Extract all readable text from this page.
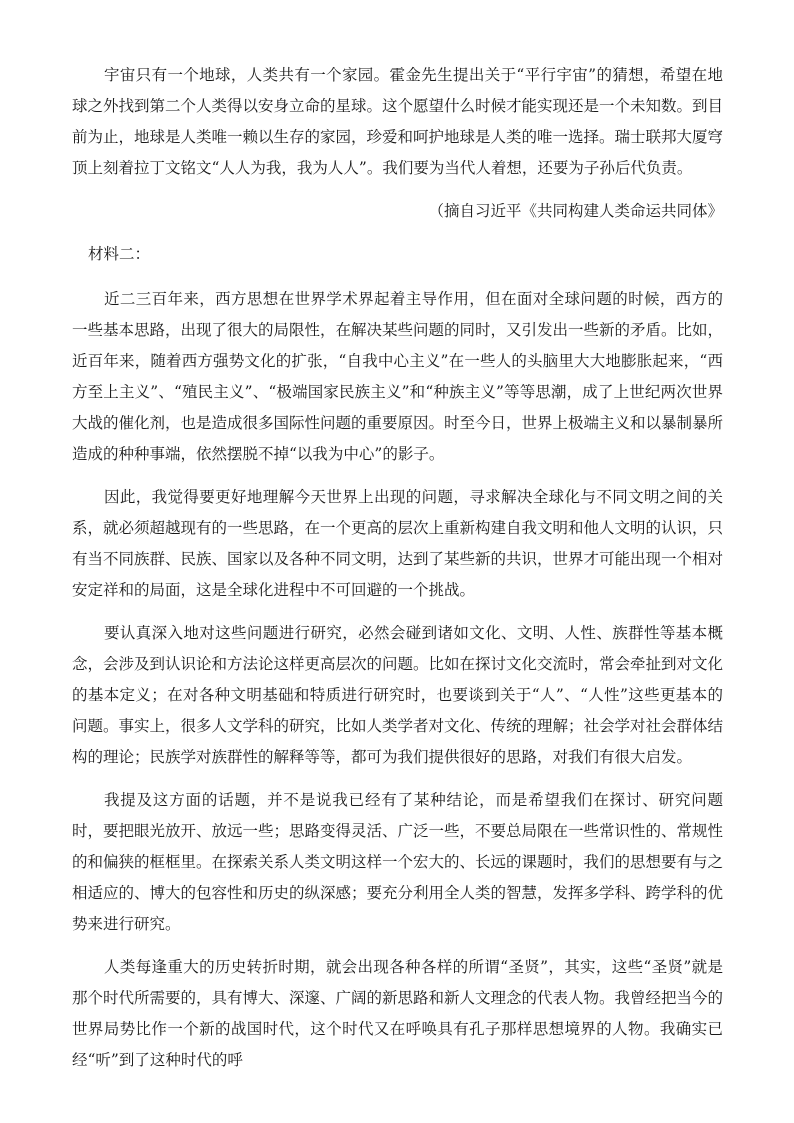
宇宙只有一个地球，人类共有一个家园。霍金先生提出关于“平行宇宙”的猜想，希望在地球之外找到第二个人类得以安身立命的星球。这个愿望什么时候才能实现还是一个未知数。到目前为止，地球是人类唯一赖以生存的家园，珍爱和呵护地球是人类的唯一选择。瑞士联邦大厦穹顶上刻着拉丁文铭文“人人为我，我为人人”。我们要为当代人着想，还要为子孙后代负责。

（摘自习近平《共同构建人类命运共同体》

材料二：

近二三百年来，西方思想在世界学术界起着主导作用，但在面对全球问题的时候，西方的一些基本思路，出现了很大的局限性，在解决某些问题的同时，又引发出一些新的矛盾。比如，近百年来，随着西方强势文化的扩张，“自我中心主义”在一些人的头脑里大大地膨胀起来，“西方至上主义”、“殖民主义”、“极端国家民族主义”和“种族主义”等等思潮，成了上世纪两次世界大战的催化剂，也是造成很多国际性问题的重要原因。时至今日，世界上极端主义和以暴制暴所造成的种种事端，依然摆脱不掉“以我为中心”的影子。

因此，我觉得要更好地理解今天世界上出现的问题，寻求解决全球化与不同文明之间的关系，就必须超越现有的一些思路，在一个更高的层次上重新构建自我文明和他人文明的认识，只有当不同族群、民族、国家以及各种不同文明，达到了某些新的共识，世界才可能出现一个相对安定祥和的局面，这是全球化进程中不可回避的一个挑战。

要认真深入地对这些问题进行研究，必然会碰到诸如文化、文明、人性、族群性等基本概念，会涉及到认识论和方法论这样更高层次的问题。比如在探讨文化交流时，常会牵扯到对文化的基本定义；在对各种文明基础和特质进行研究时，也要谈到关于“人”、“人性”这些更基本的问题。事实上，很多人文学科的研究，比如人类学者对文化、传统的理解；社会学对社会群体结构的理论；民族学对族群性的解释等等，都可为我们提供很好的思路，对我们有很大启发。

我提及这方面的话题，并不是说我已经有了某种结论，而是希望我们在探讨、研究问题时，要把眼光放开、放远一些；思路变得灵活、广泛一些，不要总局限在一些常识性的、常规性的和偏狭的框框里。在探索关系人类文明这样一个宏大的、长远的课题时，我们的思想要有与之相适应的、博大的包容性和历史的纵深感；要充分利用全人类的智慧，发挥多学科、跨学科的优势来进行研究。

人类每逢重大的历史转折时期，就会出现各种各样的所谓“圣贤”，其实，这些“圣贤”就是那个时代所需要的，具有博大、深邃、广阔的新思路和新人文理念的代表人物。我曾经把当今的世界局势比作一个新的战国时代，这个时代又在呼唤具有孔子那样思想境界的人物。我确实已经“听”到了这种时代的呼
